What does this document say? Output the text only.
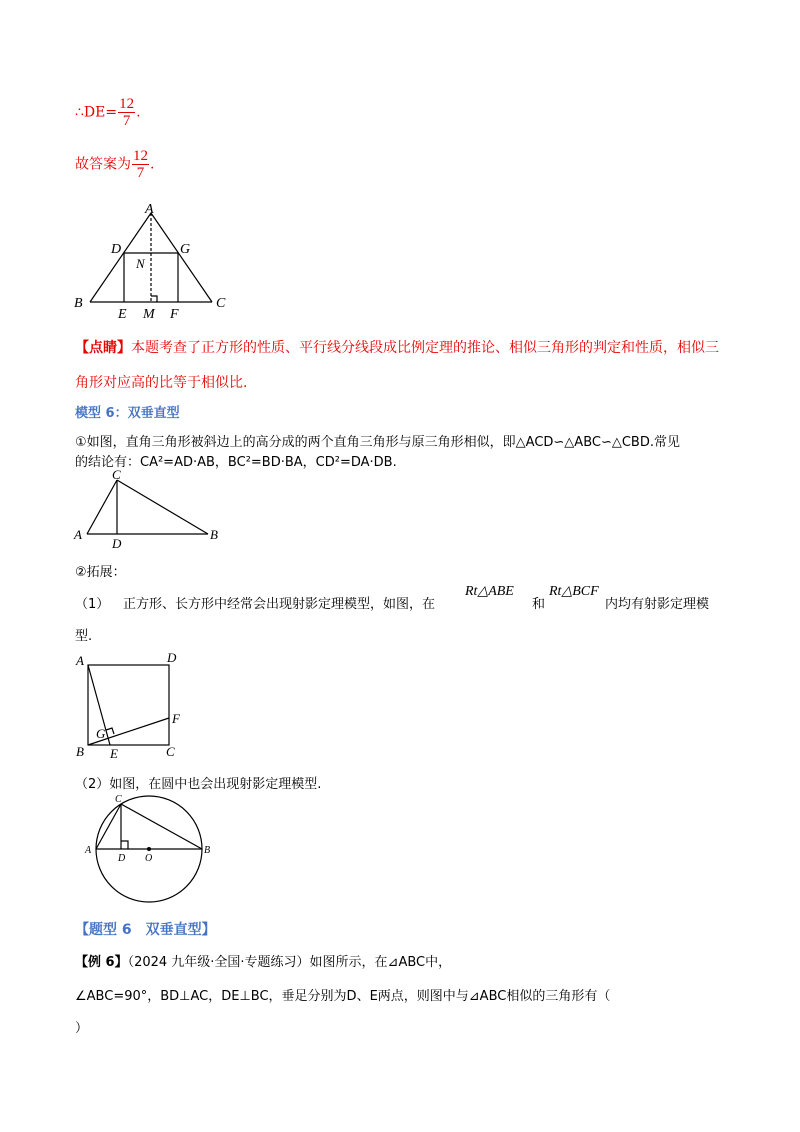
∴DE= $\frac{12}{7}$ .
故答案为 $\frac{12}{7}$ .
A
D	G
N
B
E M F
C
【点睛】本题考查了正方形的性质、平行线分线段成比例定理的推论、相似三角形的判定和性质，相似三
角形对应高的比等于相似比.
模型 6：双垂直型
①如图，直角三角形被斜边上的高分成的两个直角三角形与原三角形相似，即△ACD∽△ABC∽△CBD.常见
的结论有：CA²=AD·AB，BC²=BD·BA，CD²=DA·DB.
C
A
D
B
②拓展：
（1） 正方形、长方形中经常会出现射影定理模型，如图，在
Rt△ABE
和
Rt△BCF
内均有射影定理模
型.
A	D
F
G
B E	C
（2）如图，在圆中也会出现射影定理模型.
C
A
D O
B
【题型 6　双垂直型】
【例 6】（2024 九年级·全国·专题练习）如图所示，在⊿ABC中，
∠ABC=90°，BD⊥AC，DE⊥BC，垂足分别为D、E两点，则图中与⊿ABC相似的三角形有（
）
